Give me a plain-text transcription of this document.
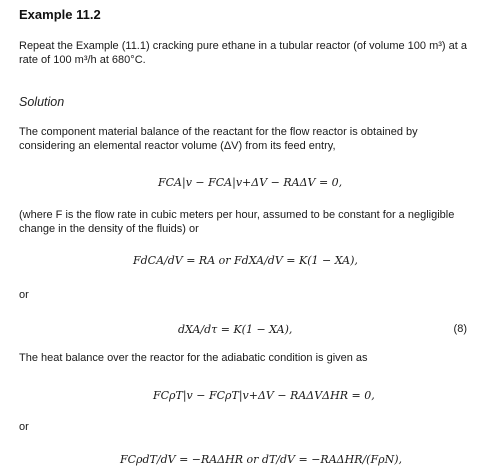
Example 11.2
Repeat the Example (11.1) cracking pure ethane in a tubular reactor (of volume 100 m³) at a rate of 100 m³/h at 680°C.
Solution
The component material balance of the reactant for the flow reactor is obtained by considering an elemental reactor volume (ΔV) from its feed entry,
FCA|v − FCA|v+ΔV − RAΔV = 0,
(where F is the flow rate in cubic meters per hour, assumed to be constant for a negligible change in the density of the fluids) or
FdCA/dV = RA or FdXA/dV = K(1 − XA),
or
dXA/dτ = K(1 − XA),	(8)
The heat balance over the reactor for the adiabatic condition is given as
FCρT|v − FCρT|v+ΔV − RAΔVΔHR = 0,
or
FCρdT/dV = −RAΔHR or dT/dV = −RAΔHR/(FρN),
